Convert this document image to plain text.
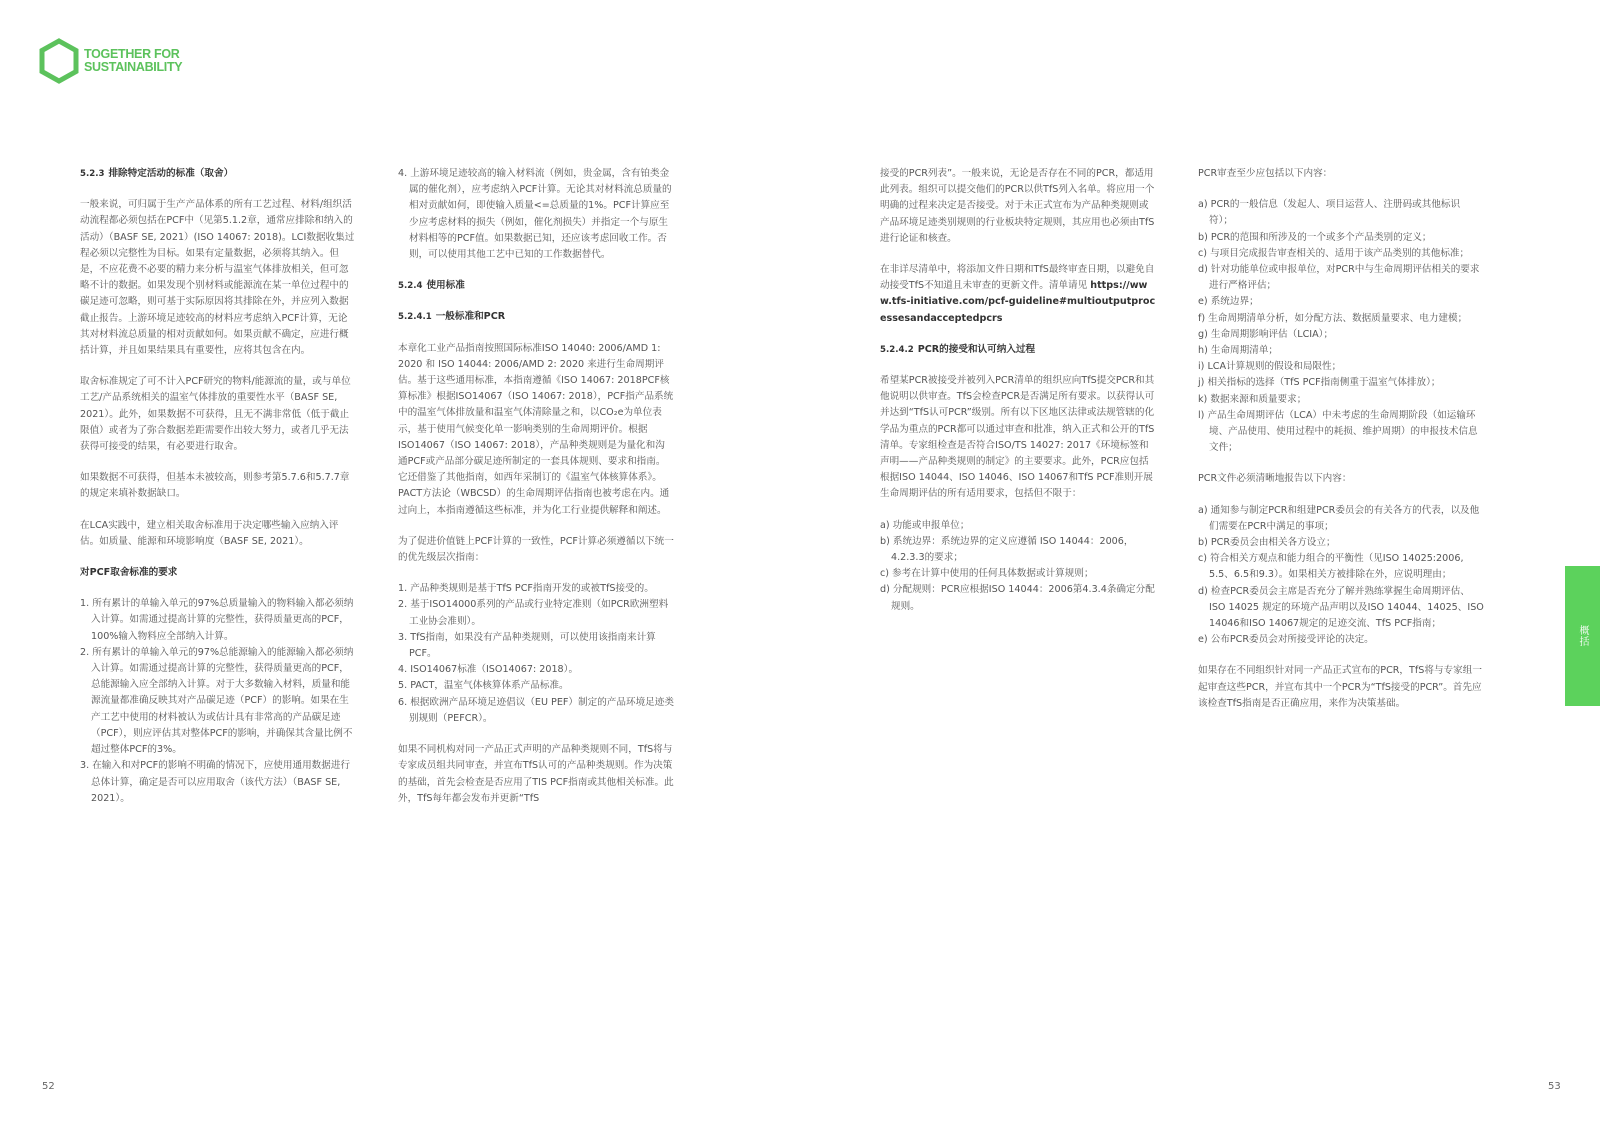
TOGETHER FOR
SUSTAINABILITY
5.2.3 排除特定活动的标准（取舍）

一般来说，可归属于生产产品体系的所有工艺过程、材料/组织活动流程都必须包括在PCF中（见第5.1.2章，通常应排除和纳入的活动）（BASF SE, 2021）(ISO 14067: 2018)。LCI数据收集过程必须以完整性为目标。如果有定量数据，必须将其纳入。但是，不应花费不必要的精力来分析与温室气体排放相关，但可忽略不计的数据。如果发现个别材料或能源流在某一单位过程中的碳足迹可忽略，则可基于实际原因将其排除在外，并应列入数据截止报告。上游环境足迹较高的材料应考虑纳入PCF计算，无论其对材料流总质量的相对贡献如何。如果贡献不确定，应进行概括计算，并且如果结果具有重要性，应将其包含在内。

取舍标准规定了可不计入PCF研究的物料/能源流的量，或与单位工艺/产品系统相关的温室气体排放的重要性水平（BASF SE, 2021）。此外，如果数据不可获得，且无不满非常低（低于截止限值）或者为了弥合数据差距需要作出较大努力，或者几乎无法获得可接受的结果，有必要进行取舍。

如果数据不可获得，但基本未被较高，则参考第5.7.6和5.7.7章的规定来填补数据缺口。

在LCA实践中，建立相关取舍标准用于决定哪些输入应纳入评估。如质量、能源和环境影响度（BASF SE, 2021）。

对PCF取舍标准的要求
1. 所有累计的单输入单元的97%总质量输入的物料输入都必须纳入计算。如需通过提高计算的完整性，获得质量更高的PCF，100%输入物料应全部纳入计算。
2. 所有累计的单输入单元的97%总能源输入的能源输入都必须纳入计算。如需通过提高计算的完整性，获得质量更高的PCF，总能源输入应全部纳入计算。对于大多数输入材料，质量和能源流量都准确反映其对产品碳足迹（PCF）的影响。如果在生产工艺中使用的材料被认为或估计具有非常高的产品碳足迹（PCF），则应评估其对整体PCF的影响，并确保其含量比例不超过整体PCF的3%。
3. 在输入和对PCF的影响不明确的情况下，应使用通用数据进行总体计算，确定是否可以应用取舍（该代方法）（BASF SE, 2021）。
4. 上游环境足迹较高的输入材料流（例如，贵金属，含有铂类金属的催化剂），应考虑纳入PCF计算。无论其对材料流总质量的相对贡献如何，即使输入质量<=总质量的1%。PCF计算应至少应考虑材料的损失（例如，催化剂损失）并指定一个与原生材料相等的PCF值。如果数据已知，还应该考虑回收工作。否则，可以使用其他工艺中已知的工作数据替代。
5.2.4 使用标准
5.2.4.1 一般标准和PCR

本章化工业产品指南按照国际标准ISO 14040: 2006/AMD 1: 2020 和 ISO 14044: 2006/AMD 2: 2020 来进行生命周期评估。基于这些通用标准，本指南遵循《ISO 14067: 2018PCF核算标准》根据ISO14067（ISO 14067: 2018），PCF指产品系统中的温室气体排放量和温室气体清除量之和，以CO₂e为单位表示，基于使用气候变化单一影响类别的生命周期评价。根据ISO14067（ISO 14067: 2018），产品种类规则是为量化和沟通PCF或产品部分碳足迹所制定的一套具体规则、要求和指南。它还借鉴了其他指南，如西年采制订的《温室气体核算体系》。PACT方法论（WBCSD）的生命周期评估指南也被考虑在内。通过向上，本指南遵循这些标准，并为化工行业提供解释和阐述。

为了促进价值链上PCF计算的一致性，PCF计算必须遵循以下统一的优先级层次指南：

1. 产品种类规则是基于TfS PCF指南开发的或被TfS接受的。
2. 基于ISO14000系列的产品或行业特定准则（如PCR欧洲塑料工业协会准则）。
3. TfS指南，如果没有产品种类规则，可以使用该指南来计算PCF。
4. ISO14067标准（ISO14067: 2018）。
5. PACT，温室气体核算体系产品标准。
6. 根据欧洲产品环境足迹倡议（EU PEF）制定的产品环境足迹类别规则（PEFCR）。

如果不同机构对同一产品正式声明的产品种类规则不同，TfS将与专家成员组共同审查，并宣布TfS认可的产品种类规则。作为决策的基础，首先会检查是否应用了TIS PCF指南或其他相关标准。此外，TfS每年都会发布并更新“TfS

接受的PCR列表”。一般来说，无论是否存在不同的PCR，都适用此列表。组织可以提交他们的PCR以供TfS列入名单。将应用一个明确的过程来决定是否接受。对于未正式宣布为产品种类规则或产品环境足迹类别规则的行业板块特定规则，其应用也必须由TfS进行论证和核查。

在非详尽清单中，将添加文件日期和TfS最终审查日期，以避免自动接受TfS不知道且未审查的更新文件。清单请见 https://www.tfs-initiative.com/pcf-guideline#multioutputprocessesandacceptedpcrs

5.2.4.2 PCR的接受和认可纳入过程

希望某PCR被接受并被列入PCR清单的组织应向TfS提交PCR和其他说明以供审查。TfS会检查PCR是否满足所有要求。以获得认可并达到“TfS认可PCR”级别。所有以下区地区法律或法规管辖的化学品为重点的PCR都可以通过审查和批准，纳入正式和公开的TfS清单。专家组检查是否符合ISO/TS 14027: 2017《环境标签和声明——产品种类规则的制定》的主要要求。此外，PCR应包括根据ISO 14044、ISO 14046、ISO 14067和TfS PCF准则开展生命周期评估的所有适用要求，包括但不限于：

a) 功能或申报单位；
b) 系统边界：系统边界的定义应遵循 ISO 14044：2006，4.2.3.3的要求；
c) 参考在计算中使用的任何具体数据或计算规则；
d) 分配规则：PCR应根据ISO 14044：2006第4.3.4条确定分配规则。

PCR审查至少应包括以下内容：

a) PCR的一般信息（发起人、项目运营人、注册码或其他标识符）；
b) PCR的范围和所涉及的一个或多个产品类别的定义；
c) 与项目完成报告审查相关的、适用于该产品类别的其他标准；
d) 针对功能单位或申报单位，对PCR中与生命周期评估相关的要求进行严格评估；
e) 系统边界；
f) 生命周期清单分析，如分配方法、数据质量要求、电力建模；
g) 生命周期影响评估（LCIA）；
h) 生命周期清单；
i) LCA计算规则的假设和局限性；
j) 相关指标的选择（TfS PCF指南侧重于温室气体排放）；
k) 数据来源和质量要求；
l) 产品生命周期评估（LCA）中未考虑的生命周期阶段（如运输环境、产品使用、使用过程中的耗损、维护周期）的申报技术信息文件；

PCR文件必须清晰地报告以下内容：

a) 通知参与制定PCR和组建PCR委员会的有关各方的代表，以及他们需要在PCR中满足的事项；
b) PCR委员会由相关各方设立；
c) 符合相关方观点和能力组合的平衡性（见ISO 14025:2006, 5.5、6.5和9.3）。如果相关方被排除在外，应说明理由；
d) 检查PCR委员会主席是否充分了解并熟练掌握生命周期评估、ISO 14025 规定的环境产品声明以及ISO 14044、14025、ISO 14046和ISO 14067规定的足迹交流、TfS PCF指南；
e) 公布PCR委员会对所接受评论的决定。

如果存在不同组织针对同一产品正式宣布的PCR，TfS将与专家组一起审查这些PCR，并宣布其中一个PCR为“TfS接受的PCR”。首先应该检查TfS指南是否正确应用，来作为决策基础。

概括
52	53
